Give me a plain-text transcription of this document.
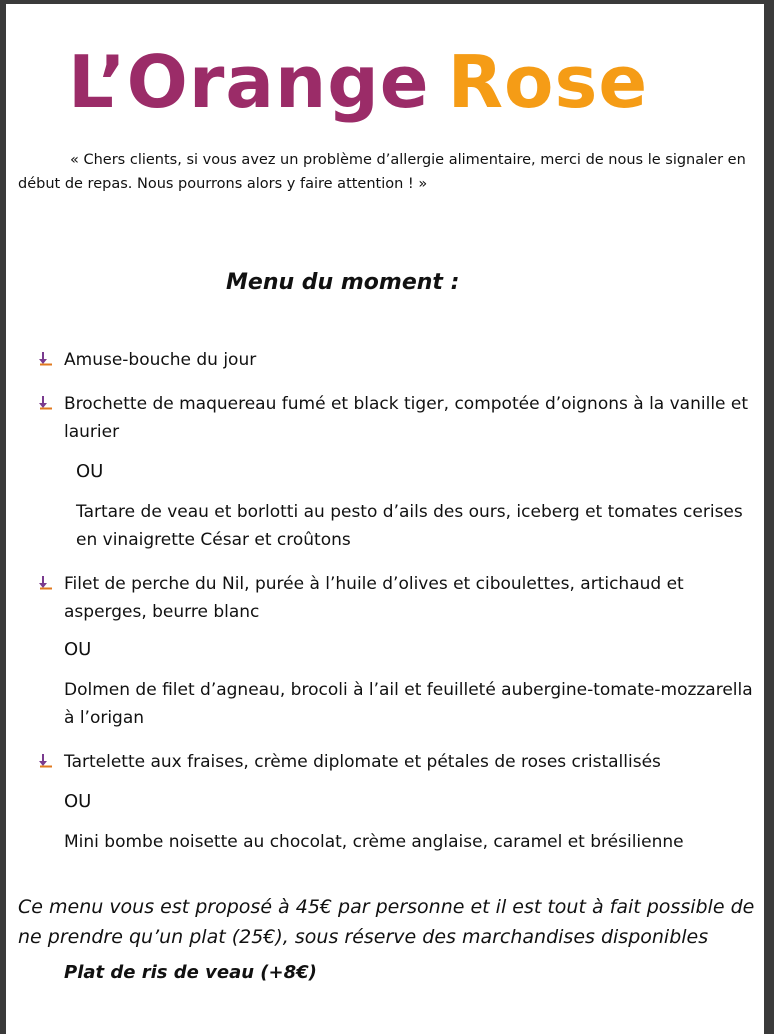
L’Orange Rose
« Chers clients, si vous avez un problème d’allergie alimentaire, merci de nous le signaler en début de repas. Nous pourrons alors y faire attention ! »
Menu du moment :
Amuse-bouche du jour
Brochette de maquereau fumé et black tiger, compotée d’oignons à la vanille et laurier
OU
Tartare de veau et borlotti au pesto d’ails des ours, iceberg et tomates cerises en vinaigrette César et croûtons
Filet de perche du Nil, purée à l’huile d’olives et ciboulettes, artichaud et asperges, beurre blanc
OU
Dolmen de filet d’agneau, brocoli à l’ail et feuilleté aubergine-tomate-mozzarella à l’origan
Tartelette aux fraises, crème diplomate et pétales de roses cristallisés
OU
Mini bombe noisette au chocolat, crème anglaise, caramel et brésilienne
Ce menu vous est proposé à 45€ par personne et il est tout à fait possible de ne prendre qu’un plat (25€), sous réserve des marchandises disponibles
Plat de ris de veau (+8€)
